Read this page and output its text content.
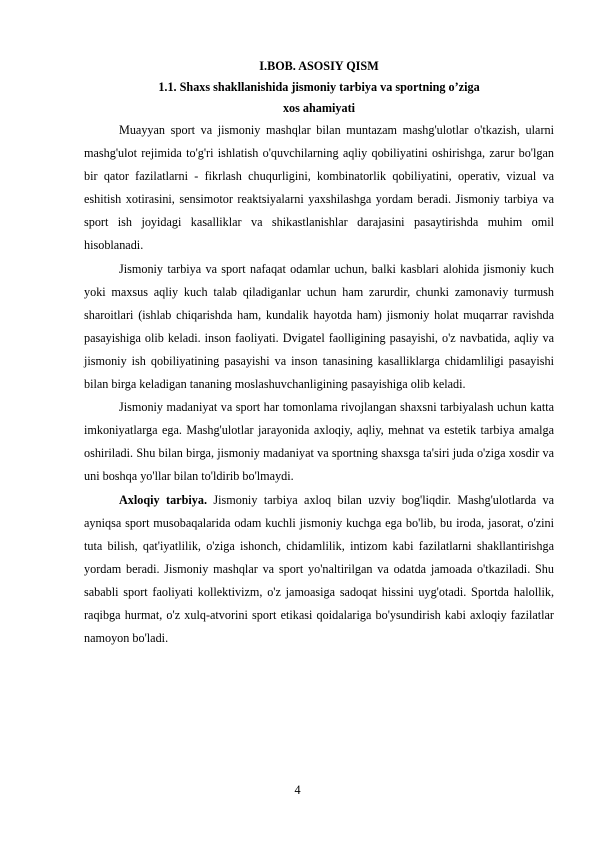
I.BOB. ASOSIY QISM

1.1. Shaxs shakllanishida jismoniy tarbiya va sportning o’ziga

xos ahamiyati

Muayyan sport va jismoniy mashqlar bilan muntazam mashg'ulotlar o'tkazish, ularni mashg'ulot rejimida to'g'ri ishlatish o'quvchilarning aqliy qobiliyatini oshirishga, zarur bo'lgan bir qator fazilatlarni - fikrlash chuqurligini, kombinatorlik qobiliyatini, operativ, vizual va eshitish xotirasini, sensimotor reaktsiyalarni yaxshilashga yordam beradi. Jismoniy tarbiya va sport ish joyidagi kasalliklar va shikastlanishlar darajasini pasaytirishda muhim omil hisoblanadi.

Jismoniy tarbiya va sport nafaqat odamlar uchun, balki kasblari alohida jismoniy kuch yoki maxsus aqliy kuch talab qiladiganlar uchun ham zarurdir, chunki zamonaviy turmush sharoitlari (ishlab chiqarishda ham, kundalik hayotda ham) jismoniy holat muqarrar ravishda pasayishiga olib keladi. inson faoliyati. Dvigatel faolligining pasayishi, o'z navbatida, aqliy va jismoniy ish qobiliyatining pasayishi va inson tanasining kasalliklarga chidamliligi pasayishi bilan birga keladigan tananing moslashuvchanligining pasayishiga olib keladi.

Jismoniy madaniyat va sport har tomonlama rivojlangan shaxsni tarbiyalash uchun katta imkoniyatlarga ega. Mashg'ulotlar jarayonida axloqiy, aqliy, mehnat va estetik tarbiya amalga oshiriladi. Shu bilan birga, jismoniy madaniyat va sportning shaxsga ta'siri juda o'ziga xosdir va uni boshqa yo'llar bilan to'ldirib bo'lmaydi.

Axloqiy tarbiya. Jismoniy tarbiya axloq bilan uzviy bog'liqdir. Mashg'ulotlarda va ayniqsa sport musobaqalarida odam kuchli jismoniy kuchga ega bo'lib, bu iroda, jasorat, o'zini tuta bilish, qat'iyatlilik, o'ziga ishonch, chidamlilik, intizom kabi fazilatlarni shakllantirishga yordam beradi. Jismoniy mashqlar va sport yo'naltirilgan va odatda jamoada o'tkaziladi. Shu sababli sport faoliyati kollektivizm, o'z jamoasiga sadoqat hissini uyg'otadi. Sportda halollik, raqibga hurmat, o'z xulq-atvorini sport etikasi qoidalariga bo'ysundirish kabi axloqiy fazilatlar namoyon bo'ladi.

4
